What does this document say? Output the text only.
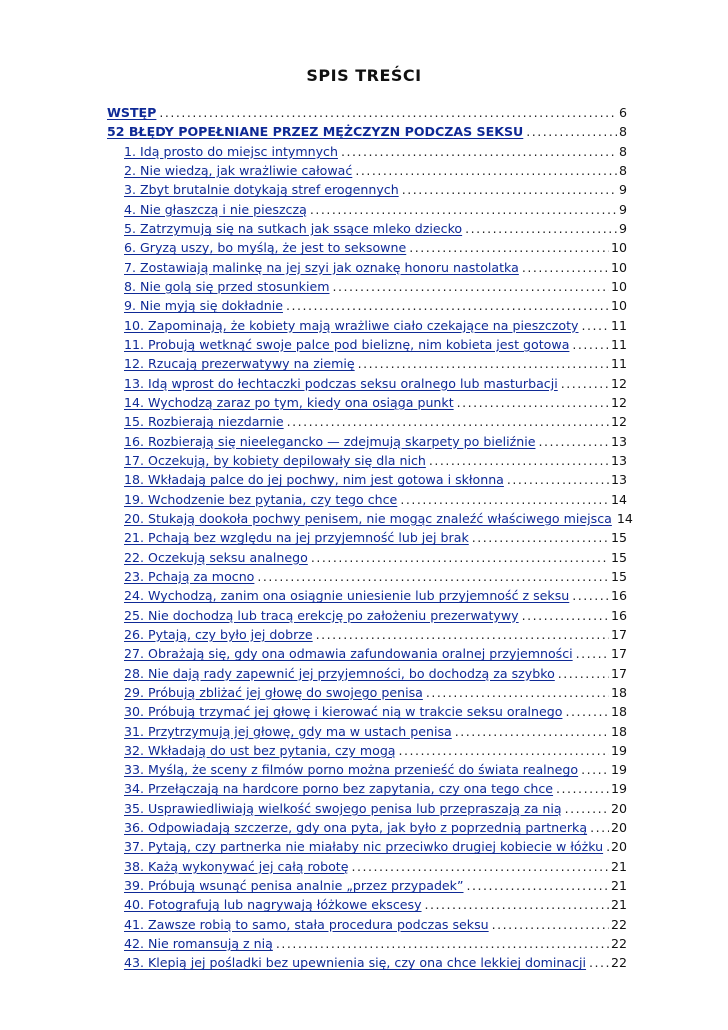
SPIS TREŚCI
WSTĘP .....	6
52 BŁĘDY POPEŁNIANE PRZEZ MĘŻCZYZN PODCZAS SEKSU .....	8
1. Idą prosto do miejsc intymnych .....	8
2. Nie wiedzą, jak wrażliwie całować .....	8
3. Zbyt brutalnie dotykają stref erogennych .....	9
4. Nie głaszczą i nie pieszczą .....	9
5. Zatrzymują się na sutkach jak ssące mleko dziecko .....	9
6. Gryzą uszy, bo myślą, że jest to seksowne .....	10
7. Zostawiają malinkę na jej szyi jak oznakę honoru nastolatka .....	10
8. Nie golą się przed stosunkiem .....	10
9. Nie myją się dokładnie .....	10
10. Zapominają, że kobiety mają wrażliwe ciało czekające na pieszczoty .....	11
11. Probują wetknąć swoje palce pod bieliznę, nim kobieta jest gotowa .....	11
12. Rzucają prezerwatywy na ziemię .....	11
13. Idą wprost do łechtaczki podczas seksu oralnego lub masturbacji .....	12
14. Wychodzą zaraz po tym, kiedy ona osiąga punkt .....	12
15. Rozbierają niezdarnie .....	12
16. Rozbierają się nieelegancko — zdejmują skarpety po bieliźnie .....	13
17. Oczekują, by kobiety depilowały się dla nich .....	13
18. Wkładają palce do jej pochwy, nim jest gotowa i skłonna .....	13
19. Wchodzenie bez pytania, czy tego chce .....	14
20. Stukają dookoła pochwy penisem, nie mogąc znaleźć właściwego miejsca 14
21. Pchają bez względu na jej przyjemność lub jej brak .....	15
22. Oczekują seksu analnego .....	15
23. Pchają za mocno .....	15
24. Wychodzą, zanim ona osiągnie uniesienie lub przyjemność z seksu .....	16
25. Nie dochodzą lub tracą erekcję po założeniu prezerwatywy .....	16
26. Pytają, czy było jej dobrze .....	17
27. Obrażają się, gdy ona odmawia zafundowania oralnej przyjemności .....	17
28. Nie dają rady zapewnić jej przyjemności, bo dochodzą za szybko .....	17
29. Próbują zbliżać jej głowę do swojego penisa .....	18
30. Próbują trzymać jej głowę i kierować nią w trakcie seksu oralnego .....	18
31. Przytrzymują jej głowę, gdy ma w ustach penisa .....	18
32. Wkładają do ust bez pytania, czy mogą .....	19
33. Myślą, że sceny z filmów porno można przenieść do świata realnego .....	19
34. Przełączają na hardcore porno bez zapytania, czy ona tego chce .....	19
35. Usprawiedliwiają wielkość swojego penisa lub przepraszają za nią .....	20
36. Odpowiadają szczerze, gdy ona pyta, jak było z poprzednią partnerką ..... 20
37. Pytają, czy partnerka nie miałaby nic przeciwko drugiej kobiecie w łóżku ..... 20
38. Każą wykonywać jej całą robotę .....	21
39. Próbują wsunąć penisa analnie „przez przypadek” .....	21
40. Fotografują lub nagrywają łóżkowe ekscesy .....	21
41. Zawsze robią to samo, stała procedura podczas seksu .....	22
42. Nie romansują z nią .....	22
43. Klepią jej pośladki bez upewnienia się, czy ona chce lekkiej dominacji ..... 22
